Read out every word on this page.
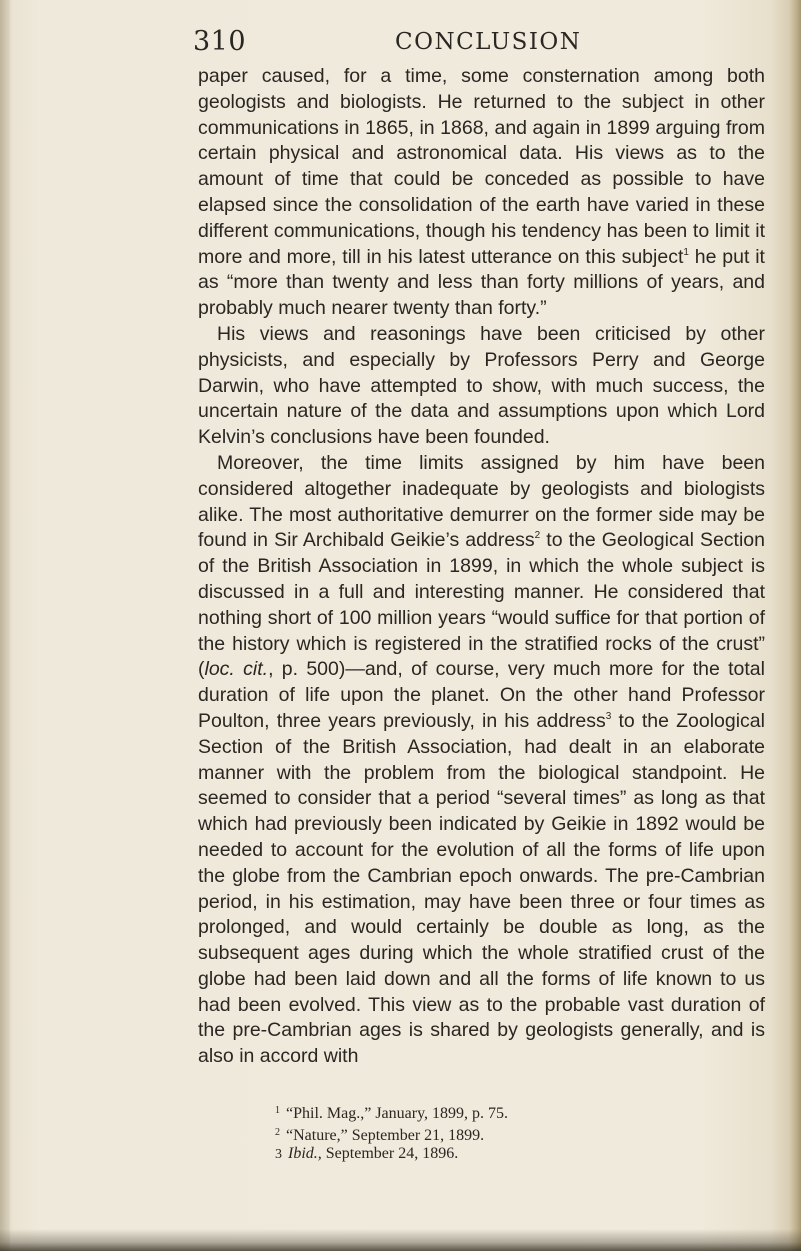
310	CONCLUSION

paper caused, for a time, some consternation among both geologists and biologists. He returned to the subject in other communications in 1865, in 1868, and again in 1899 arguing from certain physical and astronomical data. His views as to the amount of time that could be conceded as possible to have elapsed since the consolidation of the earth have varied in these different communications, though his tendency has been to limit it more and more, till in his latest utterance on this subject$^1$ he put it as “more than twenty and less than forty millions of years, and probably much nearer twenty than forty.”

His views and reasonings have been criticised by other physicists, and especially by Professors Perry and George Darwin, who have attempted to show, with much success, the uncertain nature of the data and assumptions upon which Lord Kelvin’s conclusions have been founded.

Moreover, the time limits assigned by him have been considered altogether inadequate by geologists and biologists alike. The most authoritative demurrer on the former side may be found in Sir Archibald Geikie’s address$^2$ to the Geological Section of the British Association in 1899, in which the whole subject is discussed in a full and interesting manner. He considered that nothing short of 100 million years “would suffice for that portion of the history which is registered in the stratified rocks of the crust” (loc. cit., p. 500)—and, of course, very much more for the total duration of life upon the planet. On the other hand Professor Poulton, three years previously, in his address$^3$ to the Zoological Section of the British Association, had dealt in an elaborate manner with the problem from the biological standpoint. He seemed to consider that a period “several times” as long as that which had previously been indicated by Geikie in 1892 would be needed to account for the evolution of all the forms of life upon the globe from the Cambrian epoch onwards. The pre-Cambrian period, in his estimation, may have been three or four times as prolonged, and would certainly be double as long, as the subsequent ages during which the whole stratified crust of the globe had been laid down and all the forms of life known to us had been evolved. This view as to the probable vast duration of the pre-Cambrian ages is shared by geologists generally, and is also in accord with

$^1$ “Phil. Mag.,” January, 1899, p. 75.
$^2$ “Nature,” September 21, 1899.
3 Ibid., September 24, 1896.
